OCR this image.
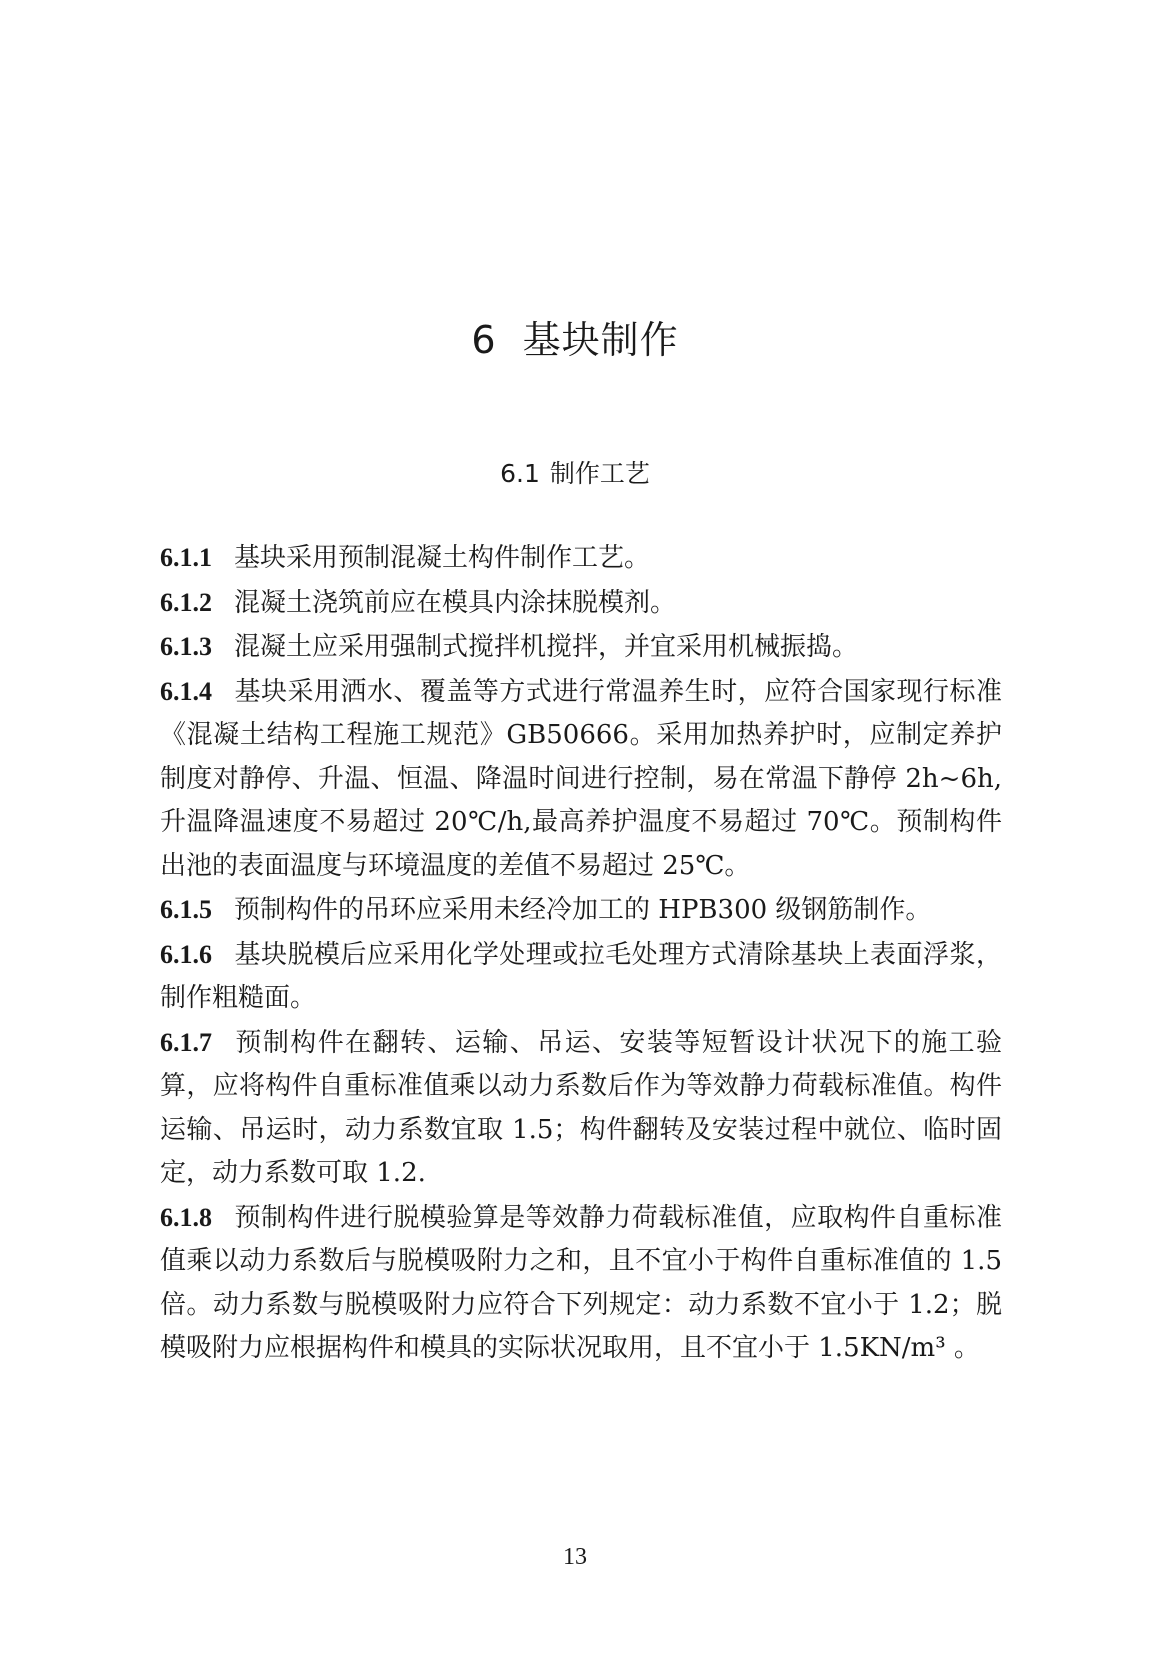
6 基块制作
6.1 制作工艺

6.1.1 基块采用预制混凝土构件制作工艺。

6.1.2 混凝土浇筑前应在模具内涂抹脱模剂。

6.1.3 混凝土应采用强制式搅拌机搅拌，并宜采用机械振捣。

6.1.4 基块采用洒水、覆盖等方式进行常温养生时，应符合国家现行标准《混凝土结构工程施工规范》GB50666。采用加热养护时，应制定养护制度对静停、升温、恒温、降温时间进行控制，易在常温下静停 2h~6h,升温降温速度不易超过 20℃/h,最高养护温度不易超过 70℃。预制构件出池的表面温度与环境温度的差值不易超过 25℃。

6.1.5 预制构件的吊环应采用未经冷加工的 HPB300 级钢筋制作。

6.1.6 基块脱模后应采用化学处理或拉毛处理方式清除基块上表面浮浆，制作粗糙面。

6.1.7 预制构件在翻转、运输、吊运、安装等短暂设计状况下的施工验算，应将构件自重标准值乘以动力系数后作为等效静力荷载标准值。构件运输、吊运时，动力系数宜取 1.5；构件翻转及安装过程中就位、临时固定，动力系数可取 1.2.

6.1.8 预制构件进行脱模验算是等效静力荷载标准值，应取构件自重标准值乘以动力系数后与脱模吸附力之和，且不宜小于构件自重标准值的 1.5 倍。动力系数与脱模吸附力应符合下列规定：动力系数不宜小于 1.2；脱模吸附力应根据构件和模具的实际状况取用，且不宜小于 1.5KN/m³ 。

13
